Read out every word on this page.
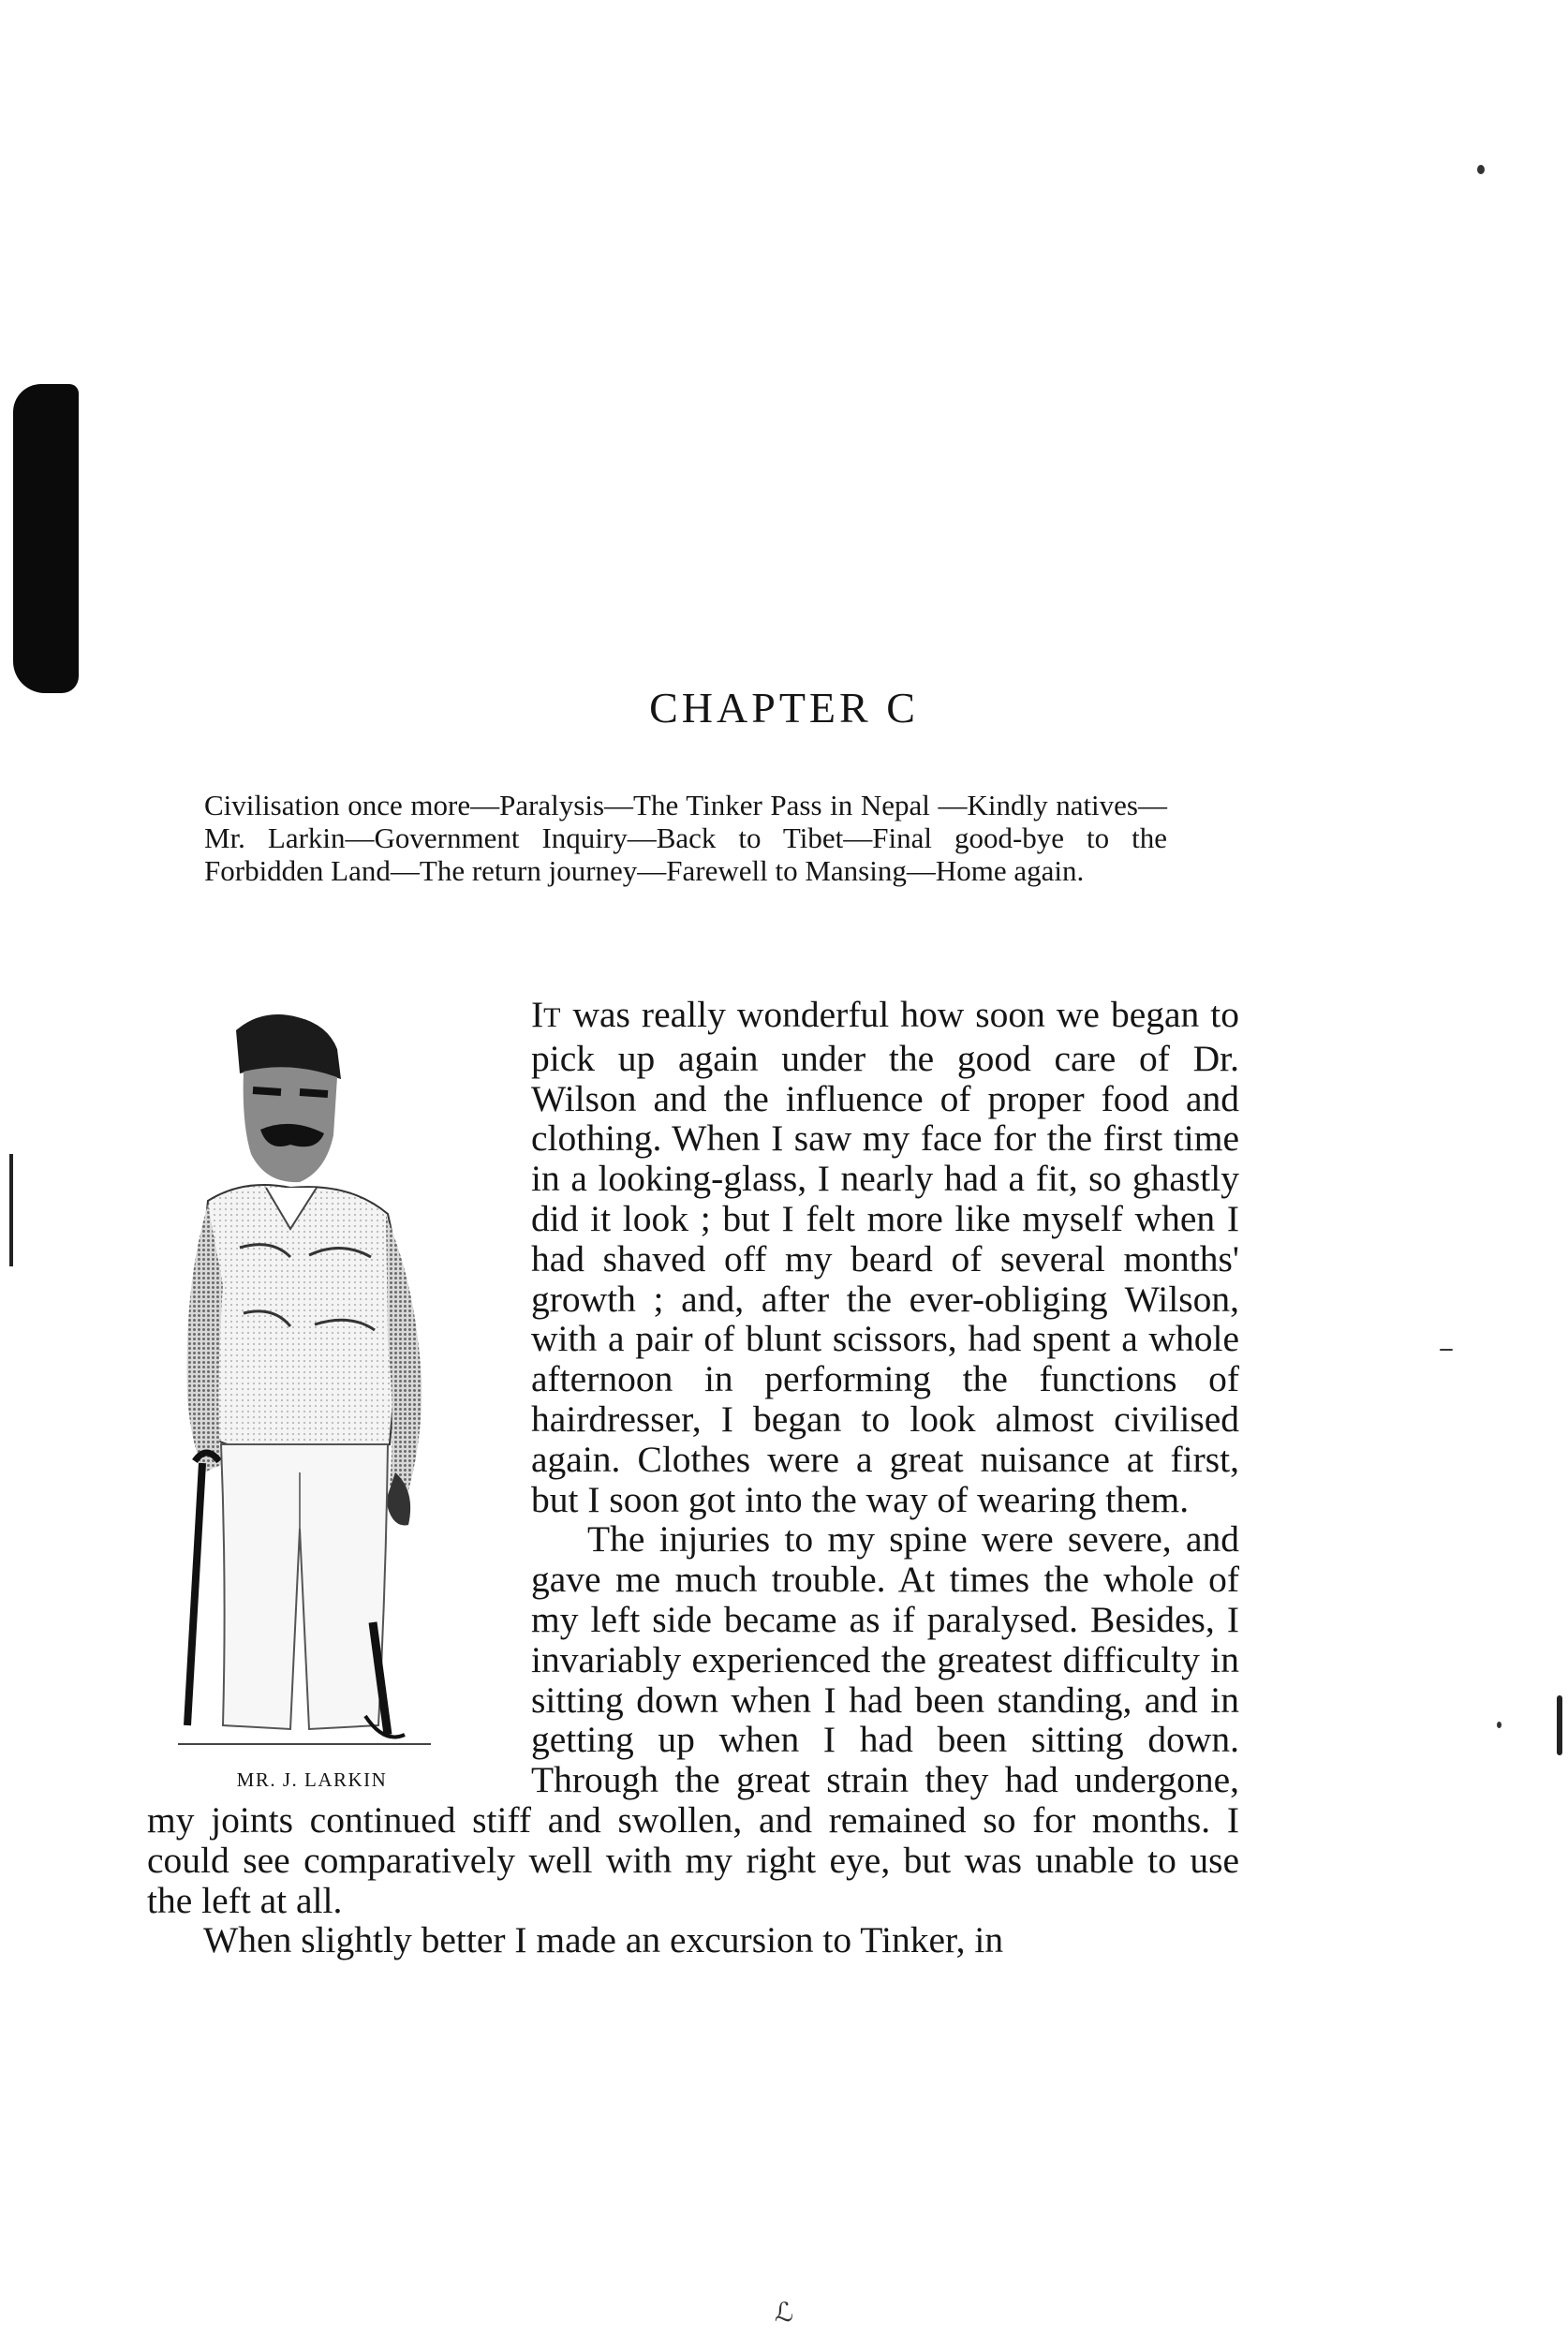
CHAPTER C

Civilisation once more—Paralysis—The Tinker Pass in Nepal —Kindly natives—Mr. Larkin—Government Inquiry—Back to Tibet—Final good-bye to the Forbidden Land—The return journey—Farewell to Mansing—Home again.

MR. J. LARKIN

IT was really wonderful how soon we began to pick up again under the good care of Dr. Wilson and the influence of proper food and clothing. When I saw my face for the first time in a looking-glass, I nearly had a fit, so ghastly did it look ; but I felt more like myself when I had shaved off my beard of several months' growth ; and, after the ever-obliging Wilson, with a pair of blunt scissors, had spent a whole afternoon in performing the functions of hairdresser, I began to look almost civilised again. Clothes were a great nuisance at first, but I soon got into the way of wearing them.

The injuries to my spine were severe, and gave me much trouble. At times the whole of my left side became as if paralysed. Besides, I invariably experienced the greatest difficulty in sitting down when I had been standing, and in getting up when I had been sitting down. Through the great strain they had undergone, my joints continued stiff and swollen, and remained so for months. I could see comparatively well with my right eye, but was unable to use the left at all.

When slightly better I made an excursion to Tinker, in

ℒ
